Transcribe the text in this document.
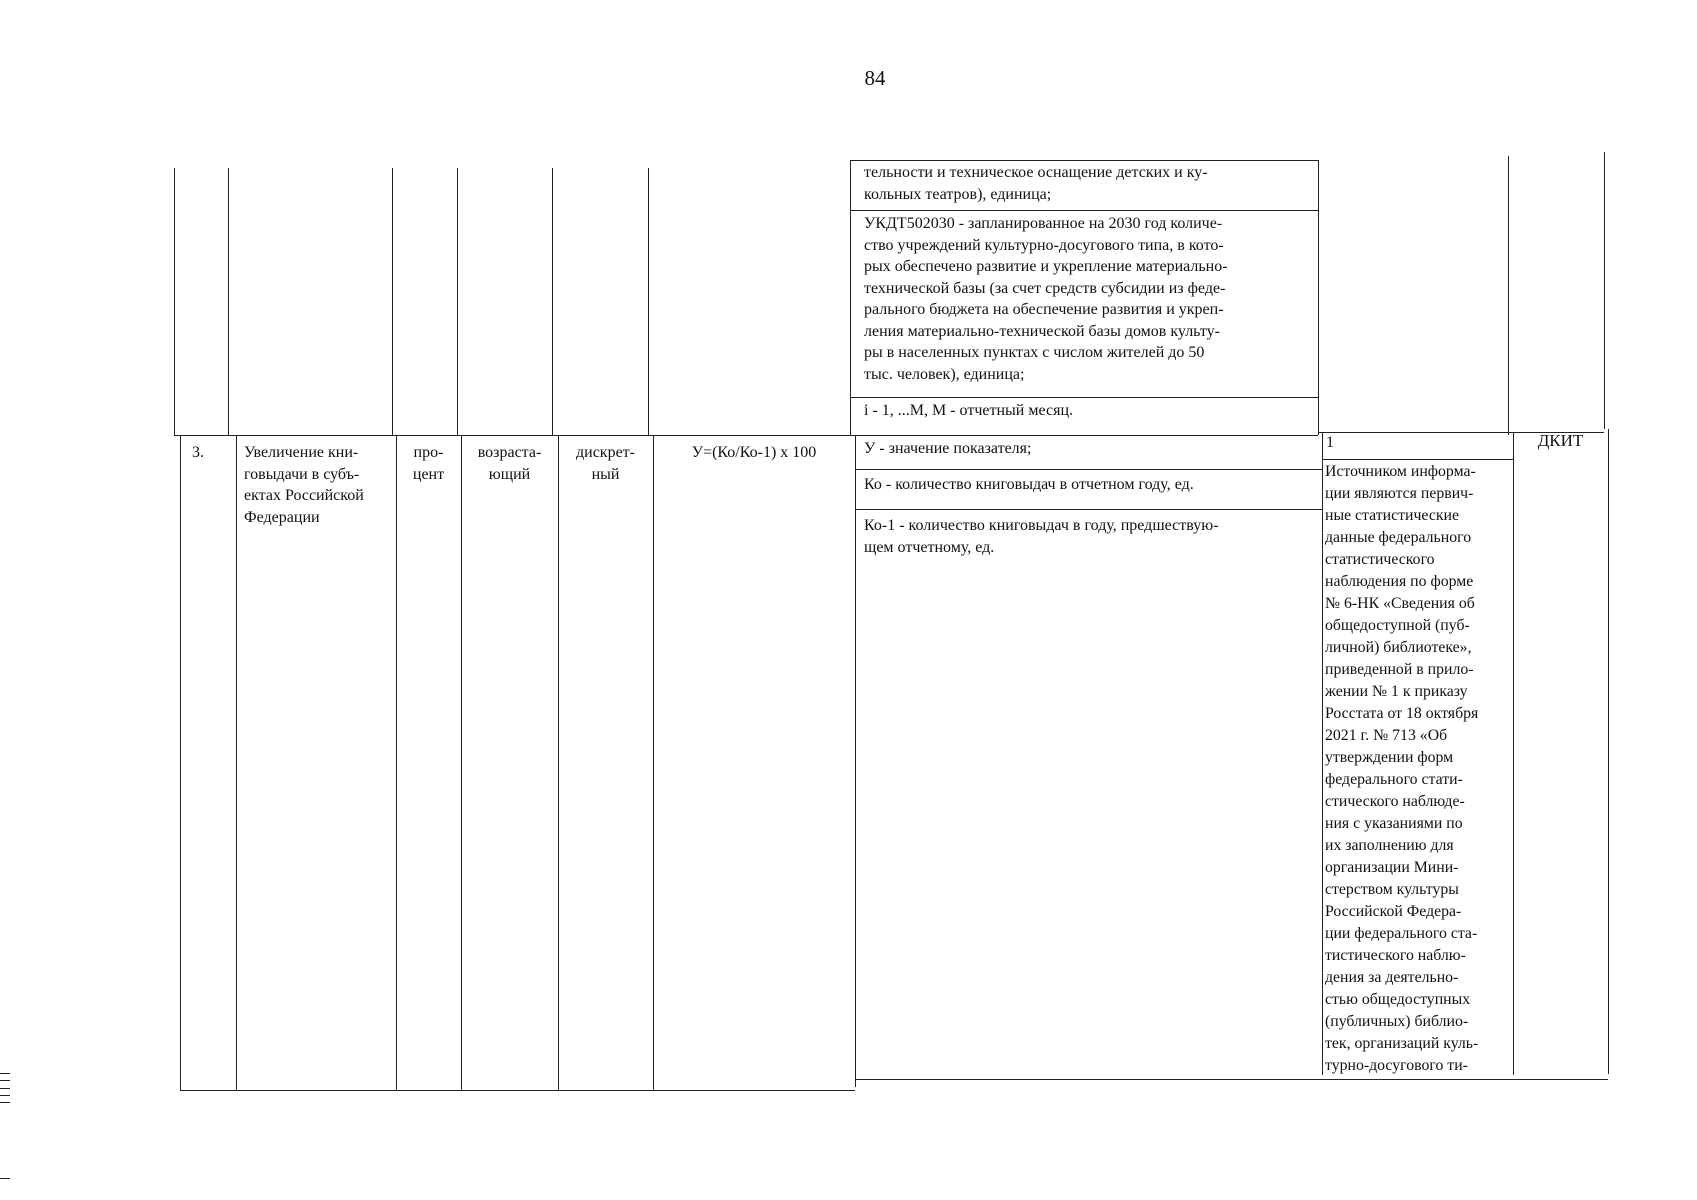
84
тельности и техническое оснащение детских и ку-
кольных театров), единица;
УКДТ502030 - запланированное на 2030 год количе-
ство учреждений культурно-досугового типа, в кото-
рых обеспечено развитие и укрепление материально-
технической базы (за счет средств субсидии из феде-
рального бюджета на обеспечение развития и укреп-
ления материально-технической базы домов культу-
ры в населенных пунктах с числом жителей до 50
тыс. человек), единица;
i - 1, ...М, М - отчетный месяц.
3.	Увеличение кни-
говыдачи в субъ-
ектах Российской
Федерации
про-
цент
возраста-
ющий
дискрет-
ный
У=(Ко/Ко-1) х 100	У - значение показателя;
Ко - количество книговыдач в отчетном году, ед.
Ко-1 - количество книговыдач в году, предшествую-
щем отчетному, ед.
1
Источником информа-
ции являются первич-
ные статистические
данные федерального
статистического
наблюдения по форме
№ 6-НК «Сведения об
общедоступной (пуб-
личной) библиотеке»,
приведенной в прило-
жении № 1 к приказу
Росстата от 18 октября
2021 г. № 713 «Об
утверждении форм
федерального стати-
стического наблюде-
ния с указаниями по
их заполнению для
организации Мини-
стерством культуры
Российской Федера-
ции федерального ста-
тистического наблю-
дения за деятельно-
стью общедоступных
(публичных) библио-
тек, организаций куль-
турно-досугового ти-
ДКИТ
